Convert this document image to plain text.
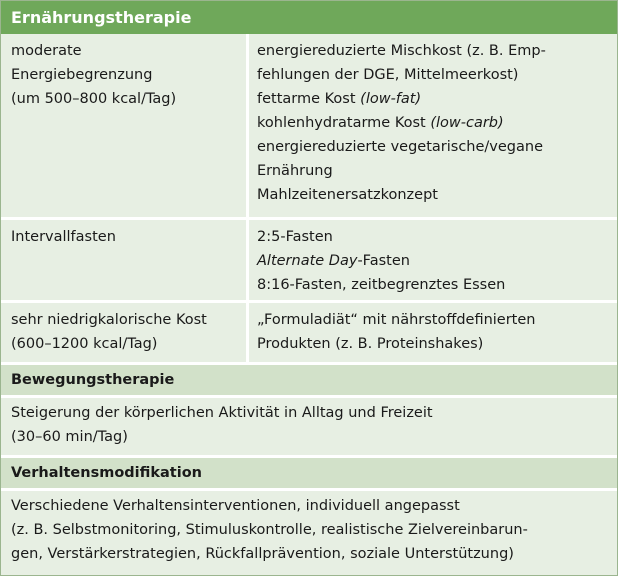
Ernährungstherapie
moderate
Energiebegrenzung
(um 500–800 kcal/Tag)
energiereduzierte Mischkost (z. B. Emp-
fehlungen der DGE, Mittelmeerkost)
fettarme Kost (low-fat)
kohlenhydratarme Kost (low-carb)
energiereduzierte vegetarische/vegane
Ernährung
Mahlzeitenersatzkonzept
Intervallfasten	2:5-Fasten
Alternate Day-Fasten
8:16-Fasten, zeitbegrenztes Essen
sehr niedrigkalorische Kost
(600–1200 kcal/Tag)
„Formuladiät“ mit nährstoffdefinierten
Produkten (z. B. Proteinshakes)
Bewegungstherapie
Steigerung der körperlichen Aktivität in Alltag und Freizeit
(30–60 min/Tag)
Verhaltensmodifikation
Verschiedene Verhaltensinterventionen, individuell angepasst
(z. B. Selbstmonitoring, Stimuluskontrolle, realistische Zielvereinbarun-
gen, Verstärkerstrategien, Rückfallprävention, soziale Unterstützung)
